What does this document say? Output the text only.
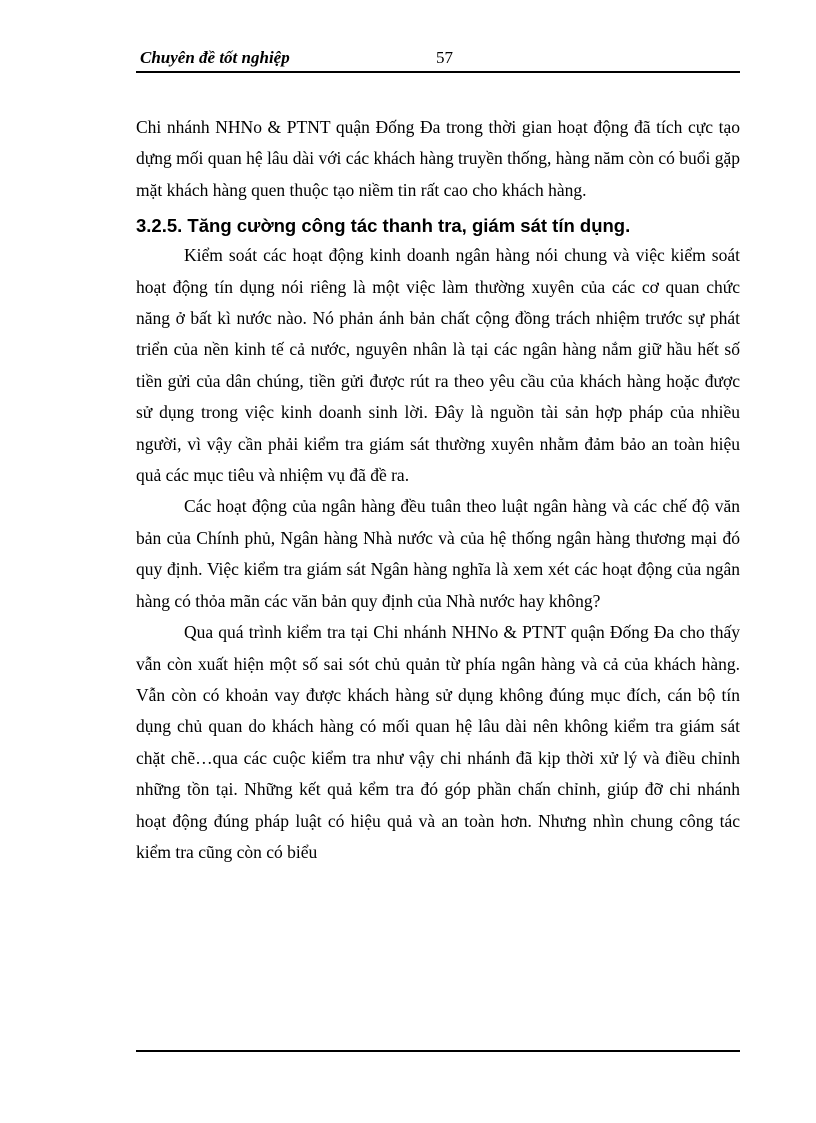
Chuyên đề tốt nghiệp	57

Chi nhánh NHNo & PTNT quận Đống Đa trong thời gian hoạt động đã tích cực tạo dựng mối quan hệ lâu dài với các khách hàng truyền thống, hàng năm còn có buổi gặp mặt khách hàng quen thuộc tạo niềm tin rất cao cho khách hàng.

3.2.5. Tăng cường công tác thanh tra, giám sát tín dụng.

Kiểm soát các hoạt động kinh doanh ngân hàng nói chung và việc kiểm soát hoạt động tín dụng nói riêng là một việc làm thường xuyên của các cơ quan chức năng ở bất kì nước nào. Nó phản ánh bản chất cộng đồng trách nhiệm trước sự phát triển của nền kinh tế cả nước, nguyên nhân là tại các ngân hàng nắm giữ hầu hết số tiền gửi của dân chúng, tiền gửi được rút ra theo yêu cầu của khách hàng hoặc được sử dụng trong việc kinh doanh sinh lời. Đây là nguồn tài sản hợp pháp của nhiều người, vì vậy cần phải kiểm tra giám sát thường xuyên nhằm đảm bảo an toàn hiệu quả các mục tiêu và nhiệm vụ đã đề ra.

Các hoạt động của ngân hàng đều tuân theo luật ngân hàng và các chế độ văn bản của Chính phủ, Ngân hàng Nhà nước và của hệ thống ngân hàng thương mại đó quy định. Việc kiểm tra giám sát Ngân hàng nghĩa là xem xét các hoạt động của ngân hàng có thỏa mãn các văn bản quy định của Nhà nước hay không?

Qua quá trình kiểm tra tại Chi nhánh NHNo & PTNT quận Đống Đa cho thấy vẫn còn xuất hiện một số sai sót chủ quản từ phía ngân hàng và cả của khách hàng. Vẫn còn có khoản vay được khách hàng sử dụng không đúng mục đích, cán bộ tín dụng chủ quan do khách hàng có mối quan hệ lâu dài nên không kiểm tra giám sát chặt chẽ…qua các cuộc kiểm tra như vậy chi nhánh đã kịp thời xử lý và điều chỉnh những tồn tại. Những kết quả kểm tra đó góp phần chấn chỉnh, giúp đỡ chi nhánh hoạt động đúng pháp luật có hiệu quả và an toàn hơn. Nhưng nhìn chung công tác kiểm tra cũng còn có biểu
